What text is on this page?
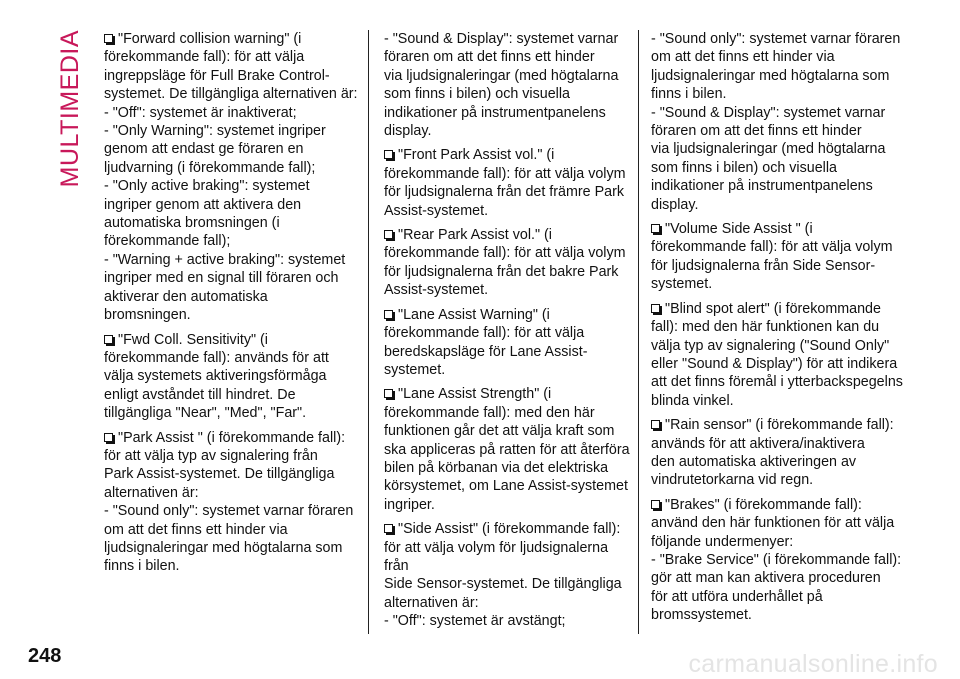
MULTIMEDIA	"Forward collision warning" (i
förekommande fall): för att välja
ingreppsläge för Full Brake Control-
systemet. De tillgängliga alternativen är:
- "Off": systemet är inaktiverat;
- "Only Warning": systemet ingriper
genom att endast ge föraren en
ljudvarning (i förekommande fall);
- "Only active braking": systemet
ingriper genom att aktivera den
automatiska bromsningen (i
förekommande fall);
- "Warning + active braking": systemet
ingriper med en signal till föraren och
aktiverar den automatiska
bromsningen.
"Fwd Coll. Sensitivity" (i
förekommande fall): används för att
välja systemets aktiveringsförmåga
enligt avståndet till hindret. De
tillgängliga "Near", "Med", "Far".
"Park Assist " (i förekommande fall):
för att välja typ av signalering från
Park Assist-systemet. De tillgängliga
alternativen är:
- "Sound only": systemet varnar föraren
om att det finns ett hinder via
ljudsignaleringar med högtalarna som
finns i bilen.
- "Sound & Display": systemet varnar
föraren om att det finns ett hinder
via ljudsignaleringar (med högtalarna
som finns i bilen) och visuella
indikationer på instrumentpanelens
display.
"Front Park Assist vol." (i
förekommande fall): för att välja volym
för ljudsignalerna från det främre Park
Assist-systemet.
"Rear Park Assist vol." (i
förekommande fall): för att välja volym
för ljudsignalerna från det bakre Park
Assist-systemet.
"Lane Assist Warning" (i
förekommande fall): för att välja
beredskapsläge för Lane Assist-
systemet.
"Lane Assist Strength" (i
förekommande fall): med den här
funktionen går det att välja kraft som
ska appliceras på ratten för att återföra
bilen på körbanan via det elektriska
körsystemet, om Lane Assist-systemet
ingriper.
"Side Assist" (i förekommande fall):
för att välja volym för ljudsignalerna från
Side Sensor-systemet. De tillgängliga
alternativen är:
- "Off": systemet är avstängt;
- "Sound only": systemet varnar föraren
om att det finns ett hinder via
ljudsignaleringar med högtalarna som
finns i bilen.
- "Sound & Display": systemet varnar
föraren om att det finns ett hinder
via ljudsignaleringar (med högtalarna
som finns i bilen) och visuella
indikationer på instrumentpanelens
display.
"Volume Side Assist " (i
förekommande fall): för att välja volym
för ljudsignalerna från Side Sensor-
systemet.
"Blind spot alert" (i förekommande
fall): med den här funktionen kan du
välja typ av signalering ("Sound Only"
eller "Sound & Display") för att indikera
att det finns föremål i ytterbackspegelns
blinda vinkel.
"Rain sensor" (i förekommande fall):
används för att aktivera/inaktivera
den automatiska aktiveringen av
vindrutetorkarna vid regn.
"Brakes" (i förekommande fall):
använd den här funktionen för att välja
följande undermenyer:
- "Brake Service" (i förekommande fall):
gör att man kan aktivera proceduren
för att utföra underhållet på
bromssystemet.
248	carmanualsonline.info
